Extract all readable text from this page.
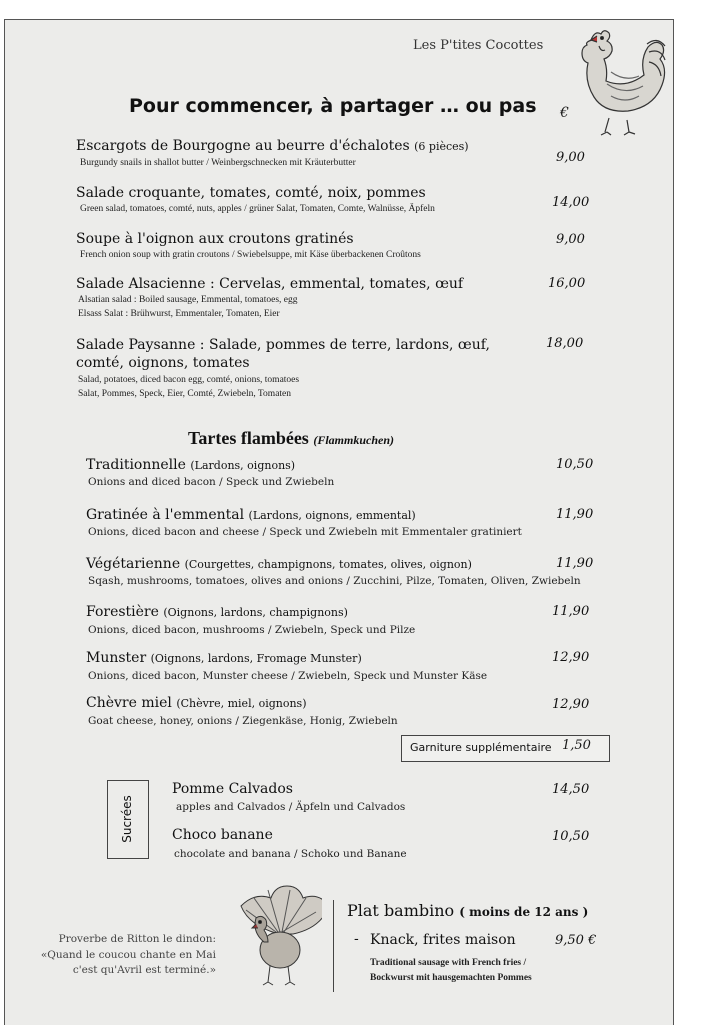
Les P'tites Cocottes
Pour commencer, à partager … ou pas €
Escargots de Bourgogne au beurre d'échalotes (6 pièces)
Burgundy snails in shallot butter / Weinbergschnecken mit Kräuterbutter	9,00
Salade croquante, tomates, comté, noix, pommes
Green salad, tomatoes, comté, nuts, apples / grüner Salat, Tomaten, Comte, Walnüsse, Äpfeln	14,00
Soupe à l'oignon aux croutons gratinés
French onion soup with gratin croutons / Swiebelsuppe, mit Käse überbackenen Croûtons
9,00
Salade Alsacienne : Cervelas, emmental, tomates, œuf
Alsatian salad : Boiled sausage, Emmental, tomatoes, egg
Elsass Salat : Brühwurst, Emmentaler, Tomaten, Eier
16,00
Salade Paysanne : Salade, pommes de terre, lardons, œuf,
comté, oignons, tomates
Salad, potatoes, diced bacon egg, comté, onions, tomatoes
Salat, Pommes, Speck, Eier, Comté, Zwiebeln, Tomaten
18,00
Tartes flambées (Flammkuchen)
Traditionnelle (Lardons, oignons)
Onions and diced bacon / Speck und Zwiebeln
10,50
Gratinée à l'emmental (Lardons, oignons, emmental)
Onions, diced bacon and cheese / Speck und Zwiebeln mit Emmentaler gratiniert
11,90
Végétarienne (Courgettes, champignons, tomates, olives, oignon)
Sqash, mushrooms, tomatoes, olives and onions / Zucchini, Pilze, Tomaten, Oliven, Zwiebeln
11,90
Forestière (Oignons, lardons, champignons)
Onions, diced bacon, mushrooms / Zwiebeln, Speck und Pilze
11,90
Munster (Oignons, lardons, Fromage Munster)
Onions, diced bacon, Munster cheese / Zwiebeln, Speck und Munster Käse
12,90
Chèvre miel (Chèvre, miel, oignons)
Goat cheese, honey, onions / Ziegenkäse, Honig, Zwiebeln
12,90
Garniture supplémentaire 1,50
Sucrées
Pomme Calvados
apples and Calvados / Äpfeln und Calvados
14,50
Choco banane
chocolate and banana / Schoko und Banane
10,50
Proverbe de Ritton le dindon:
«Quand le coucou chante en Mai
c'est qu'Avril est terminé.»
Plat bambino ( moins de 12 ans )
- Knack, frites maison	9,50 €
Traditional sausage with French fries /
Bockwurst mit hausgemachten Pommes
